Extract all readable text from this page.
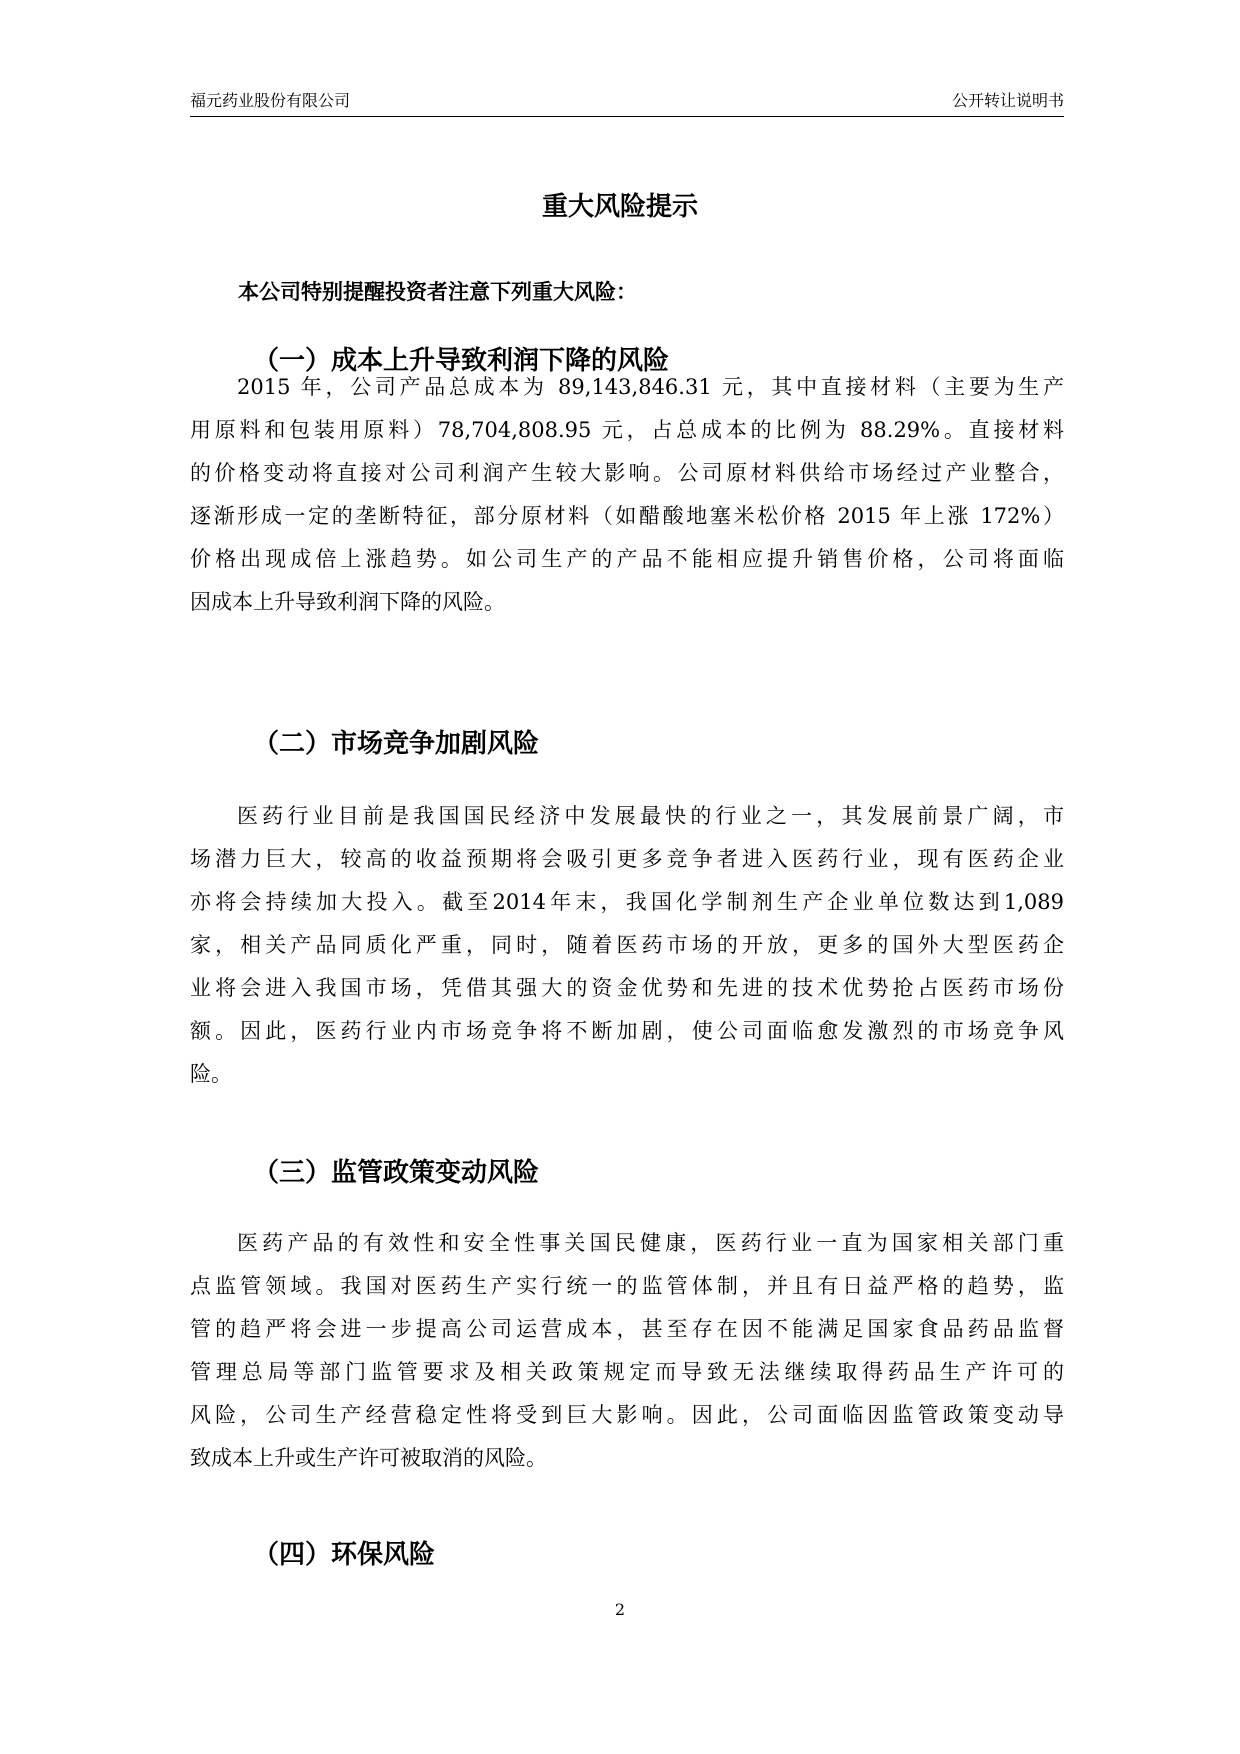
福元药业股份有限公司	公开转让说明书
重大风险提示
本公司特别提醒投资者注意下列重大风险：
（一）成本上升导致利润下降的风险
2015 年，公司产品总成本为 89,143,846.31 元，其中直接材料（主要为生产
用原料和包装用原料）78,704,808.95 元，占总成本的比例为 88.29%。直接材料
的价格变动将直接对公司利润产生较大影响。公司原材料供给市场经过产业整合，
逐渐形成一定的垄断特征，部分原材料（如醋酸地塞米松价格 2015 年上涨 172%）
价格出现成倍上涨趋势。如公司生产的产品不能相应提升销售价格，公司将面临
因成本上升导致利润下降的风险。
（二）市场竞争加剧风险
医药行业目前是我国国民经济中发展最快的行业之一，其发展前景广阔，市
场潜力巨大，较高的收益预期将会吸引更多竞争者进入医药行业，现有医药企业
亦将会持续加大投入。截至2014年末，我国化学制剂生产企业单位数达到1,089
家，相关产品同质化严重，同时，随着医药市场的开放，更多的国外大型医药企
业将会进入我国市场，凭借其强大的资金优势和先进的技术优势抢占医药市场份
额。因此，医药行业内市场竞争将不断加剧，使公司面临愈发激烈的市场竞争风
险。
（三）监管政策变动风险
医药产品的有效性和安全性事关国民健康，医药行业一直为国家相关部门重
点监管领域。我国对医药生产实行统一的监管体制，并且有日益严格的趋势，监
管的趋严将会进一步提高公司运营成本，甚至存在因不能满足国家食品药品监督
管理总局等部门监管要求及相关政策规定而导致无法继续取得药品生产许可的
风险，公司生产经营稳定性将受到巨大影响。因此，公司面临因监管政策变动导
致成本上升或生产许可被取消的风险。
（四）环保风险
2
